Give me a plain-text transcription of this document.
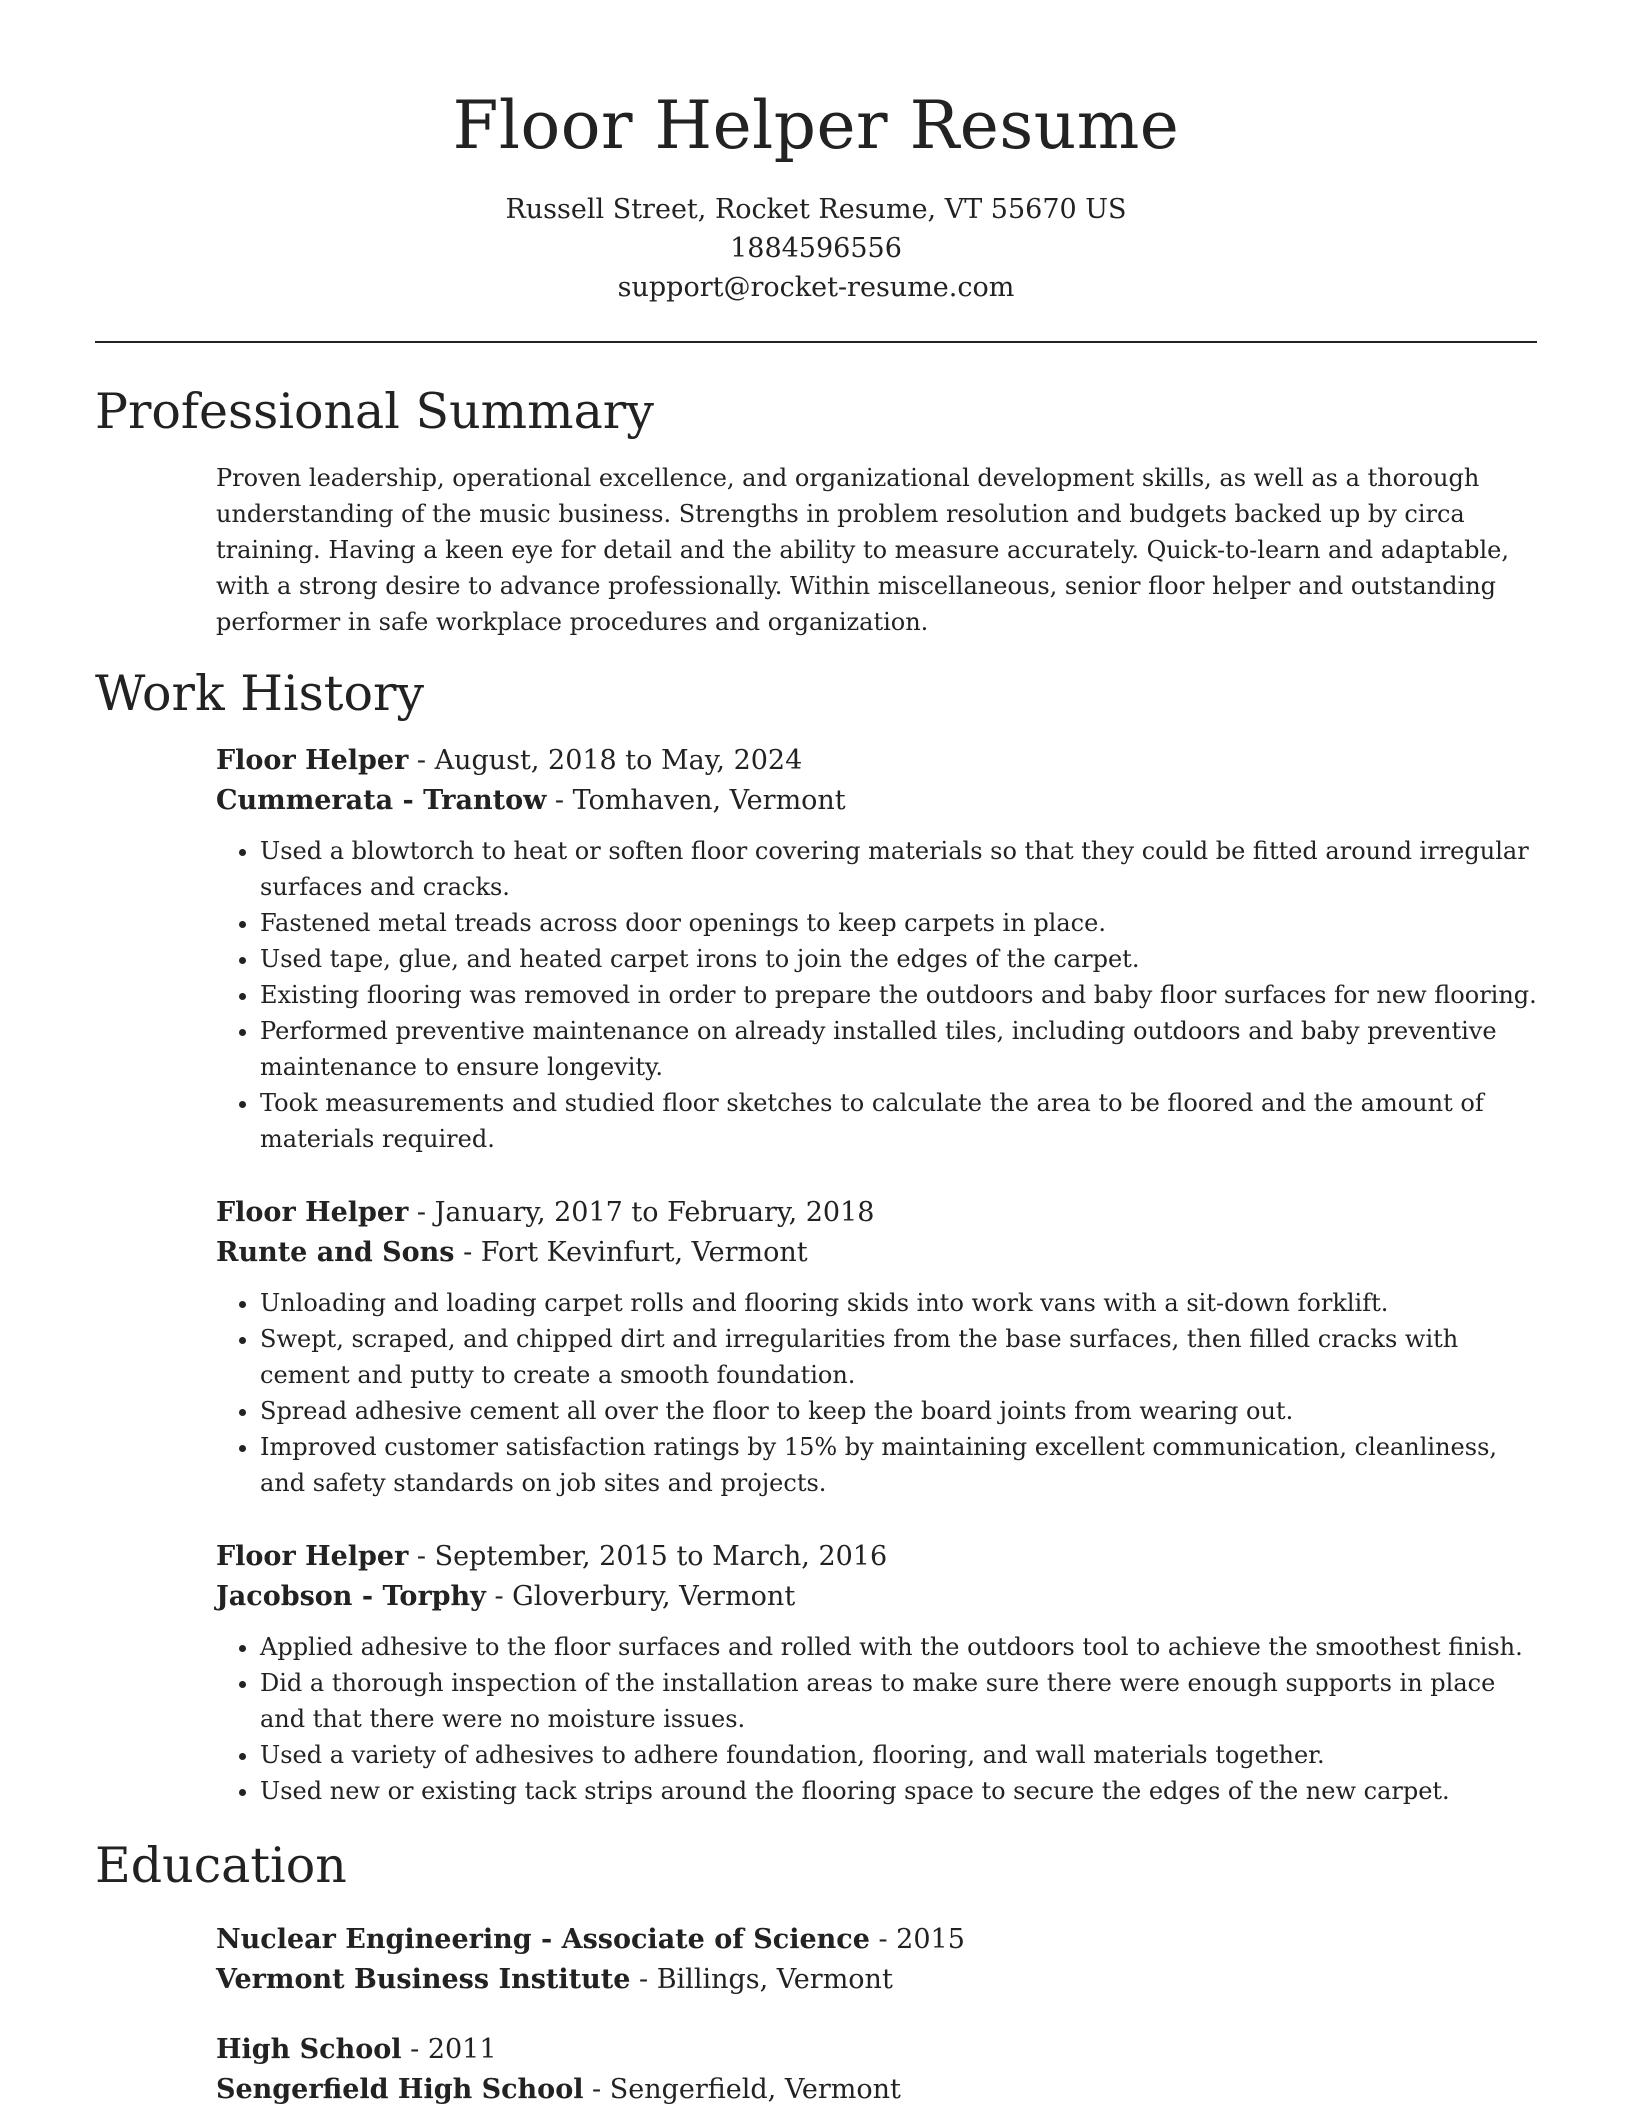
Floor Helper Resume
Russell Street, Rocket Resume, VT 55670 US
1884596556
support@rocket-resume.com
Professional Summary

Proven leadership, operational excellence, and organizational development skills, as well as a thorough understanding of the music business. Strengths in problem resolution and budgets backed up by circa training. Having a keen eye for detail and the ability to measure accurately. Quick-to-learn and adaptable, with a strong desire to advance professionally. Within miscellaneous, senior floor helper and outstanding performer in safe workplace procedures and organization.

Work History
Floor Helper - August, 2018 to May, 2024
Cummerata - Trantow - Tomhaven, Vermont
• Used a blowtorch to heat or soften floor covering materials so that they could be fitted around irregular surfaces and cracks.
• Fastened metal treads across door openings to keep carpets in place.
• Used tape, glue, and heated carpet irons to join the edges of the carpet.
• Existing flooring was removed in order to prepare the outdoors and baby floor surfaces for new flooring.
• Performed preventive maintenance on already installed tiles, including outdoors and baby preventive maintenance to ensure longevity.
• Took measurements and studied floor sketches to calculate the area to be floored and the amount of materials required.
Floor Helper - January, 2017 to February, 2018
Runte and Sons - Fort Kevinfurt, Vermont
• Unloading and loading carpet rolls and flooring skids into work vans with a sit-down forklift.
• Swept, scraped, and chipped dirt and irregularities from the base surfaces, then filled cracks with cement and putty to create a smooth foundation.
• Spread adhesive cement all over the floor to keep the board joints from wearing out.
• Improved customer satisfaction ratings by 15% by maintaining excellent communication, cleanliness, and safety standards on job sites and projects.
Floor Helper - September, 2015 to March, 2016
Jacobson - Torphy - Gloverbury, Vermont
• Applied adhesive to the floor surfaces and rolled with the outdoors tool to achieve the smoothest finish.
• Did a thorough inspection of the installation areas to make sure there were enough supports in place and that there were no moisture issues.
• Used a variety of adhesives to adhere foundation, flooring, and wall materials together.
• Used new or existing tack strips around the flooring space to secure the edges of the new carpet.
Education
Nuclear Engineering - Associate of Science - 2015
Vermont Business Institute - Billings, Vermont
High School - 2011
Sengerfield High School - Sengerfield, Vermont
